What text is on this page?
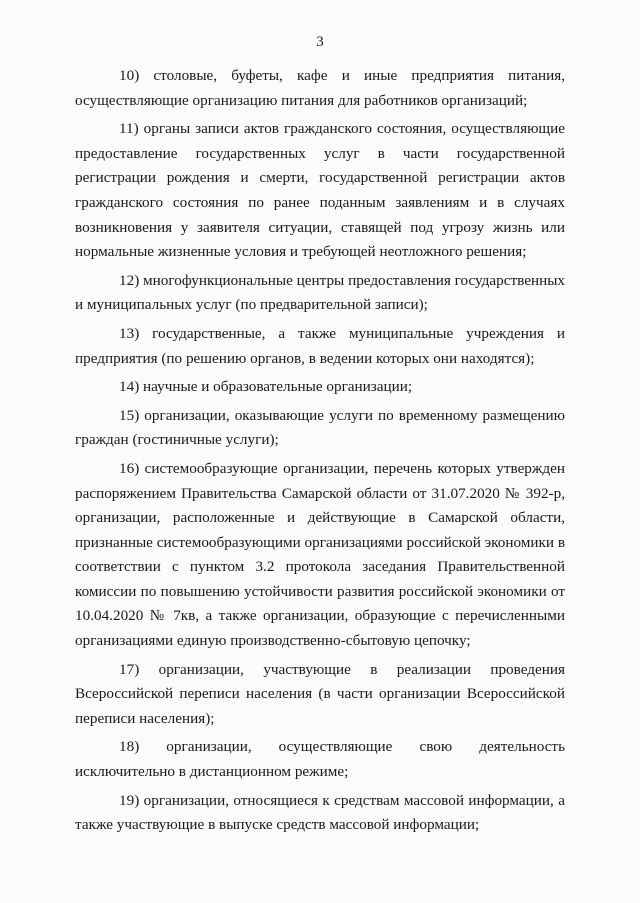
3

10) столовые, буфеты, кафе и иные предприятия питания, осуществляющие организацию питания для работников организаций;

11) органы записи актов гражданского состояния, осуществляющие предоставление государственных услуг в части государственной регистрации рождения и смерти, государственной регистрации актов гражданского состояния по ранее поданным заявлениям и в случаях возникновения у заявителя ситуации, ставящей под угрозу жизнь или нормальные жизненные условия и требующей неотложного решения;

12) многофункциональные центры предоставления государственных и муниципальных услуг (по предварительной записи);

13) государственные, а также муниципальные учреждения и предприятия (по решению органов, в ведении которых они находятся);

14) научные и образовательные организации;

15) организации, оказывающие услуги по временному размещению граждан (гостиничные услуги);

16) системообразующие организации, перечень которых утвержден распоряжением Правительства Самарской области от 31.07.2020 № 392-р, организации, расположенные и действующие в Самарской области, признанные системообразующими организациями российской экономики в соответствии с пунктом 3.2 протокола заседания Правительственной комиссии по повышению устойчивости развития российской экономики от 10.04.2020 № 7кв, а также организации, образующие с перечисленными организациями единую производственно-сбытовую цепочку;

17) организации, участвующие в реализации проведения Всероссийской переписи населения (в части организации Всероссийской переписи населения);

18) организации, осуществляющие свою деятельность исключительно в дистанционном режиме;

19) организации, относящиеся к средствам массовой информации, а также участвующие в выпуске средств массовой информации;
